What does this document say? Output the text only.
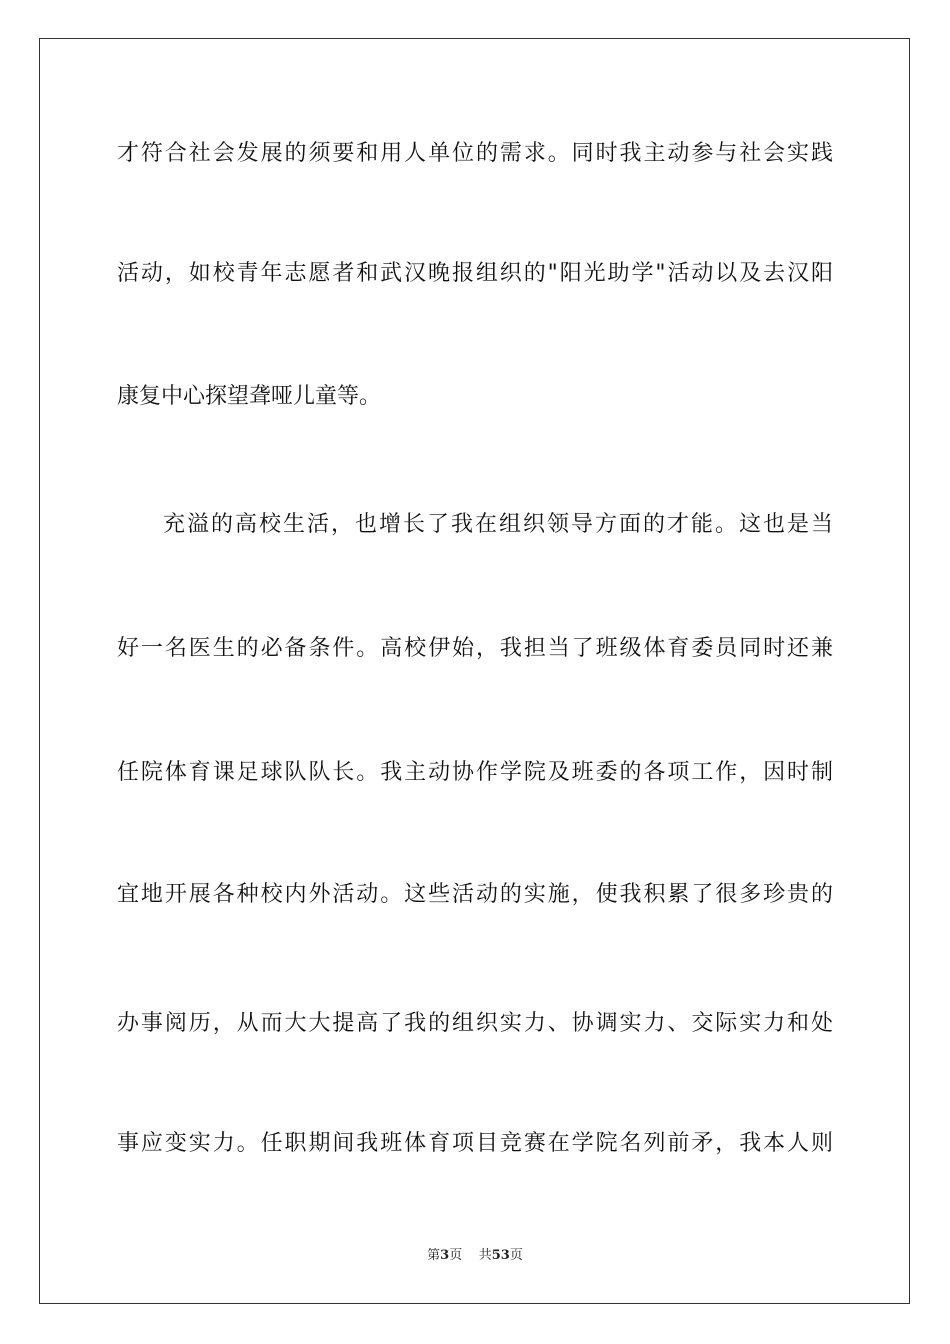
才符合社会发展的须要和用人单位的需求。同时我主动参与社会实践
活动，如校青年志愿者和武汉晚报组织的"阳光助学"活动以及去汉阳
康复中心探望聋哑儿童等。
充溢的高校生活，也增长了我在组织领导方面的才能。这也是当
好一名医生的必备条件。高校伊始，我担当了班级体育委员同时还兼
任院体育课足球队队长。我主动协作学院及班委的各项工作，因时制
宜地开展各种校内外活动。这些活动的实施，使我积累了很多珍贵的
办事阅历，从而大大提高了我的组织实力、协调实力、交际实力和处
事应变实力。任职期间我班体育项目竞赛在学院名列前矛，我本人则
第3页 共53页
